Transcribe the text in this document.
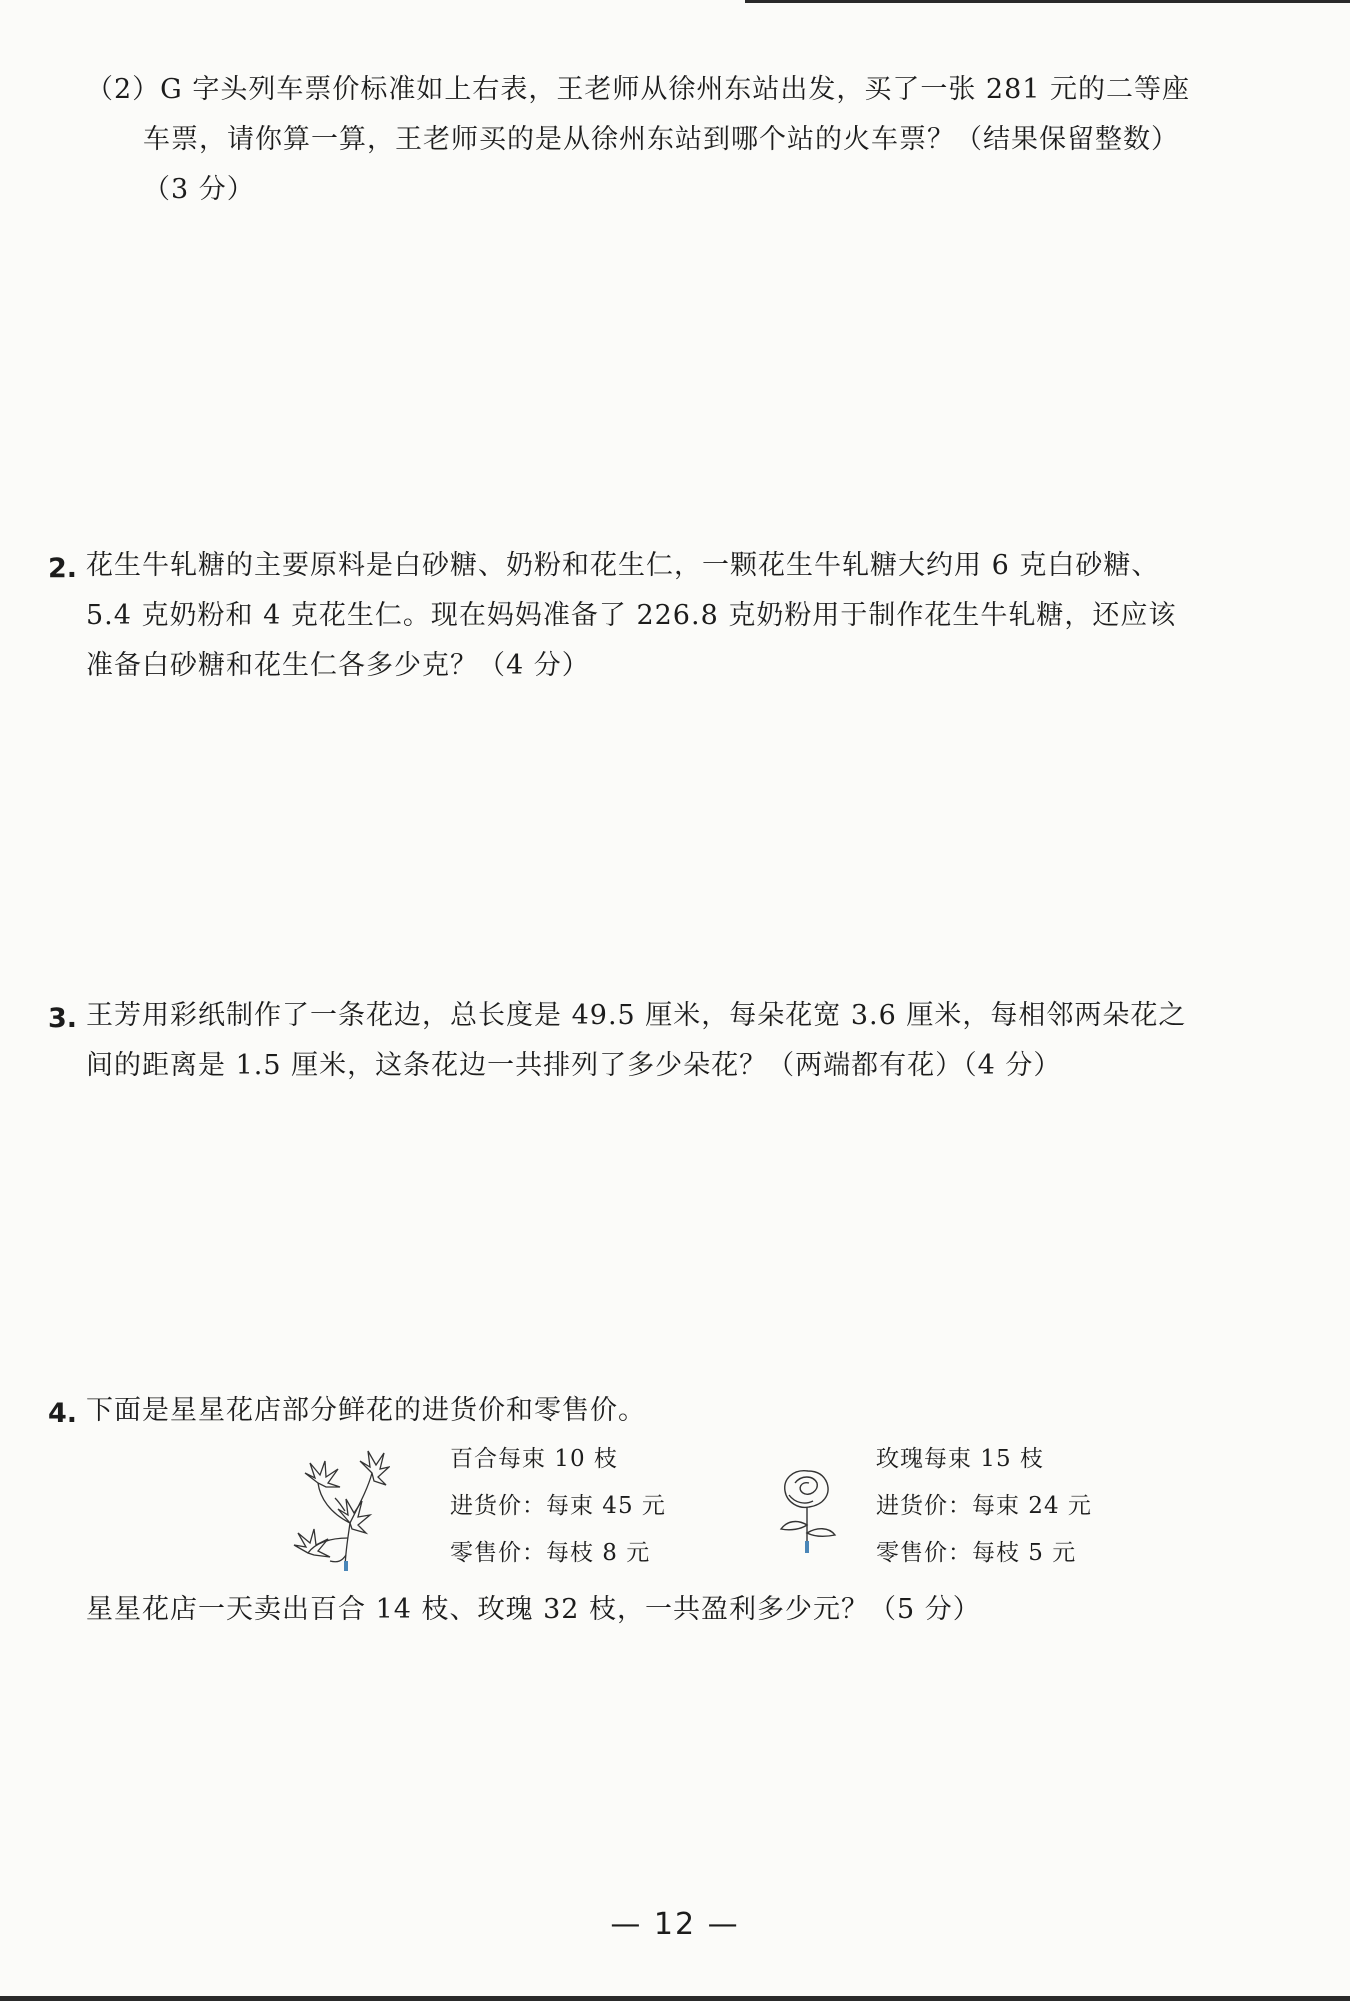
（2）G 字头列车票价标准如上右表，王老师从徐州东站出发，买了一张 281 元的二等座
车票，请你算一算，王老师买的是从徐州东站到哪个站的火车票？（结果保留整数）
（3 分）
2. 花生牛轧糖的主要原料是白砂糖、奶粉和花生仁，一颗花生牛轧糖大约用 6 克白砂糖、
5.4 克奶粉和 4 克花生仁。现在妈妈准备了 226.8 克奶粉用于制作花生牛轧糖，还应该
准备白砂糖和花生仁各多少克？（4 分）
3. 王芳用彩纸制作了一条花边，总长度是 49.5 厘米，每朵花宽 3.6 厘米，每相邻两朵花之
间的距离是 1.5 厘米，这条花边一共排列了多少朵花？（两端都有花）（4 分）
4. 下面是星星花店部分鲜花的进货价和零售价。
百合每束 10 枝
进货价：每束 45 元
零售价：每枝 8 元
玫瑰每束 15 枝
进货价：每束 24 元
零售价：每枝 5 元
星星花店一天卖出百合 14 枝、玫瑰 32 枝，一共盈利多少元？（5 分）
— 12 —
